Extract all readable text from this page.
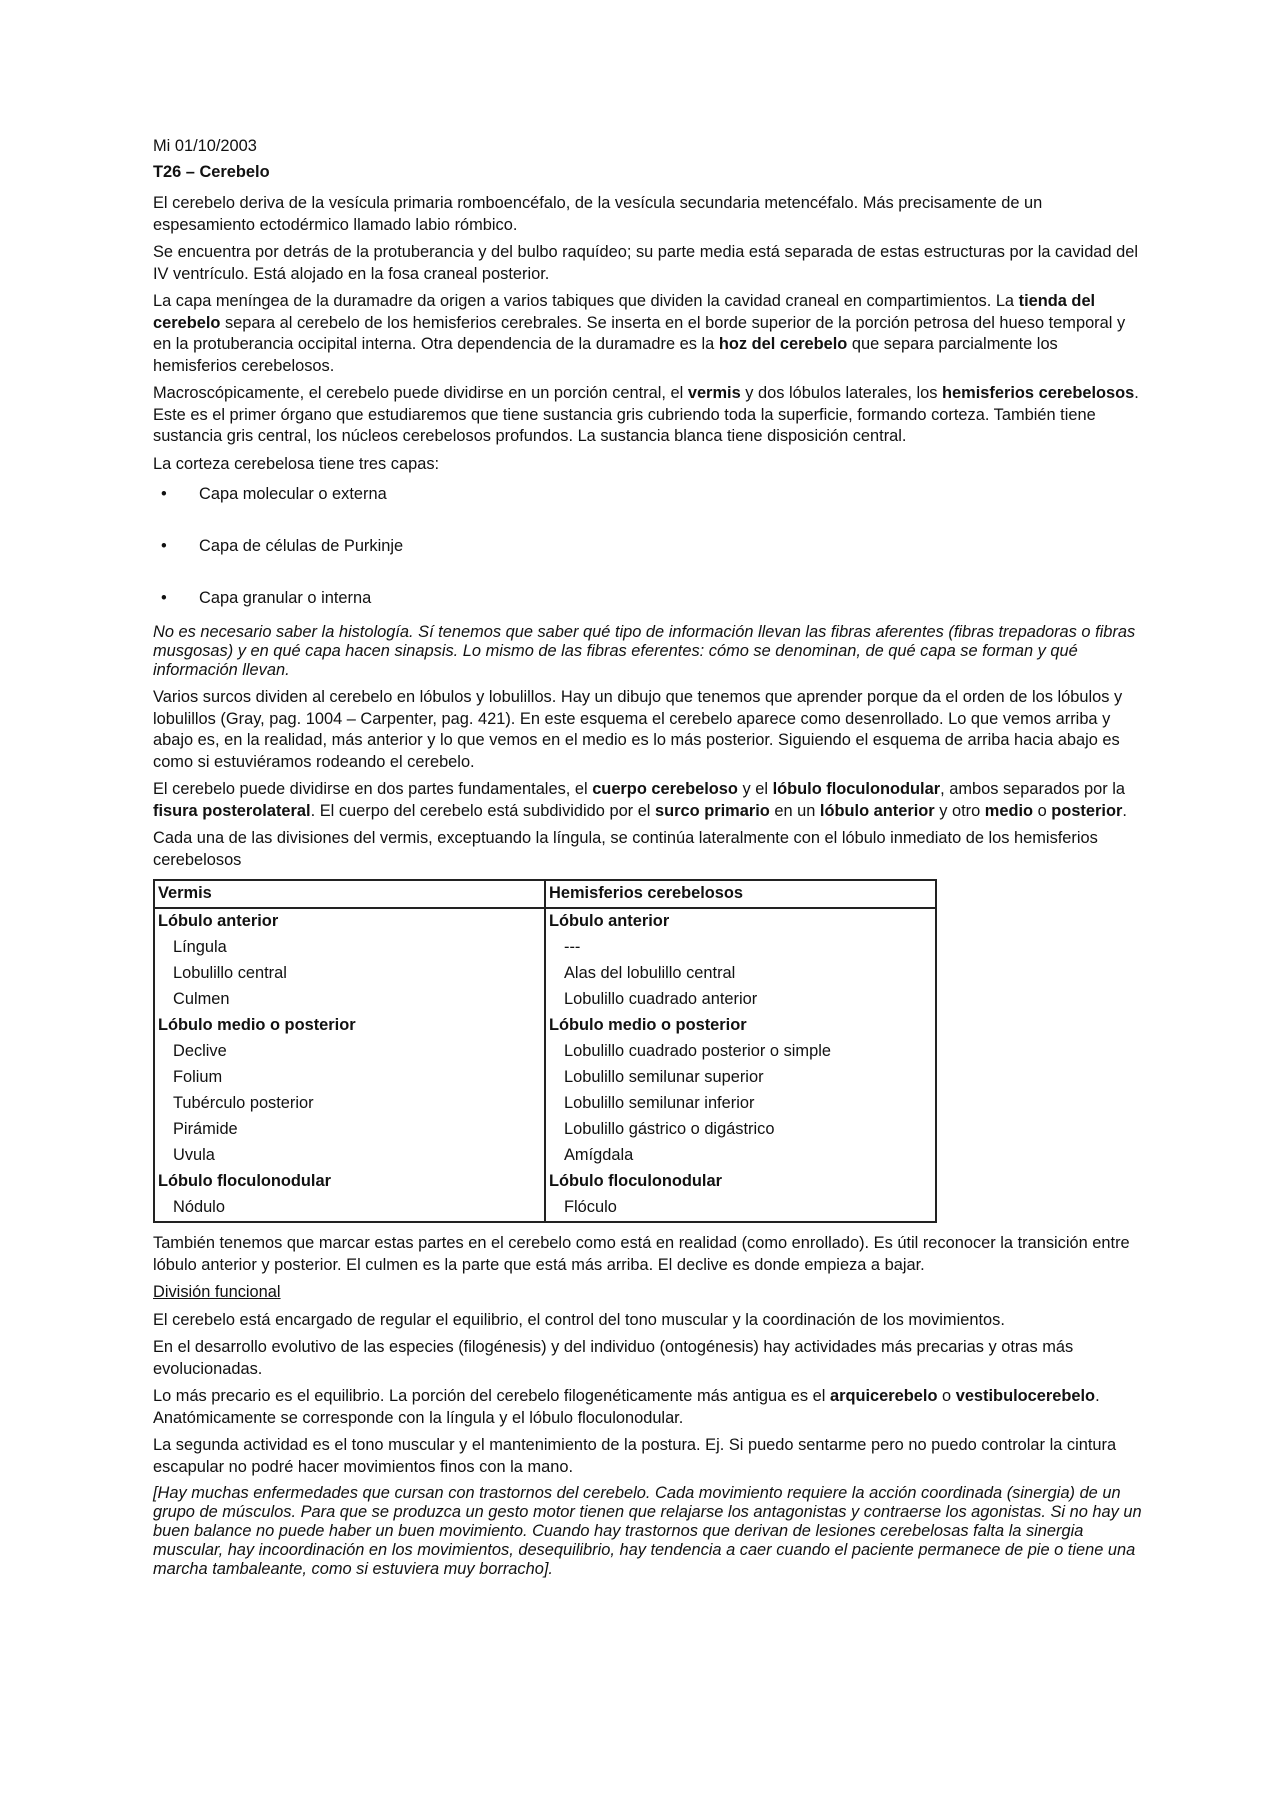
Mi 01/10/2003

T26 – Cerebelo

El cerebelo deriva de la vesícula primaria romboencéfalo, de la vesícula secundaria metencéfalo. Más precisamente de un espesamiento ectodérmico llamado labio rómbico.

Se encuentra por detrás de la protuberancia y del bulbo raquídeo; su parte media está separada de estas estructuras por la cavidad del IV ventrículo. Está alojado en la fosa craneal posterior.

La capa meníngea de la duramadre da origen a varios tabiques que dividen la cavidad craneal en compartimientos. La tienda del cerebelo separa al cerebelo de los hemisferios cerebrales. Se inserta en el borde superior de la porción petrosa del hueso temporal y en la protuberancia occipital interna. Otra dependencia de la duramadre es la hoz del cerebelo que separa parcialmente los hemisferios cerebelosos.

Macroscópicamente, el cerebelo puede dividirse en un porción central, el vermis y dos lóbulos laterales, los hemisferios cerebelosos. Este es el primer órgano que estudiaremos que tiene sustancia gris cubriendo toda la superficie, formando corteza. También tiene sustancia gris central, los núcleos cerebelosos profundos. La sustancia blanca tiene disposición central.

La corteza cerebelosa tiene tres capas:

• Capa molecular o externa
• Capa de células de Purkinje
• Capa granular o interna

No es necesario saber la histología. Sí tenemos que saber qué tipo de información llevan las fibras aferentes (fibras trepadoras o fibras musgosas) y en qué capa hacen sinapsis. Lo mismo de las fibras eferentes: cómo se denominan, de qué capa se forman y qué información llevan.

Varios surcos dividen al cerebelo en lóbulos y lobulillos. Hay un dibujo que tenemos que aprender porque da el orden de los lóbulos y lobulillos (Gray, pag. 1004 – Carpenter, pag. 421). En este esquema el cerebelo aparece como desenrollado. Lo que vemos arriba y abajo es, en la realidad, más anterior y lo que vemos en el medio es lo más posterior. Siguiendo el esquema de arriba hacia abajo es como si estuviéramos rodeando el cerebelo.

El cerebelo puede dividirse en dos partes fundamentales, el cuerpo cerebeloso y el lóbulo floculonodular, ambos separados por la fisura posterolateral. El cuerpo del cerebelo está subdividido por el surco primario en un lóbulo anterior y otro medio o posterior.

Cada una de las divisiones del vermis, exceptuando la língula, se continúa lateralmente con el lóbulo inmediato de los hemisferios cerebelosos

Vermis	Hemisferios cerebelosos
Lóbulo anterior	Lóbulo anterior
Língula	---
Lobulillo central	Alas del lobulillo central
Culmen	Lobulillo cuadrado anterior
Lóbulo medio o posterior	Lóbulo medio o posterior
Declive	Lobulillo cuadrado posterior o simple
Folium	Lobulillo semilunar superior
Tubérculo posterior	Lobulillo semilunar inferior
Pirámide	Lobulillo gástrico o digástrico
Uvula	Amígdala
Lóbulo floculonodular	Lóbulo floculonodular
Nódulo	Flóculo

También tenemos que marcar estas partes en el cerebelo como está en realidad (como enrollado). Es útil reconocer la transición entre lóbulo anterior y posterior. El culmen es la parte que está más arriba. El declive es donde empieza a bajar.

División funcional

El cerebelo está encargado de regular el equilibrio, el control del tono muscular y la coordinación de los movimientos.

En el desarrollo evolutivo de las especies (filogénesis) y del individuo (ontogénesis) hay actividades más precarias y otras más evolucionadas.

Lo más precario es el equilibrio. La porción del cerebelo filogenéticamente más antigua es el arquicerebelo o vestibulocerebelo. Anatómicamente se corresponde con la língula y el lóbulo floculonodular.

La segunda actividad es el tono muscular y el mantenimiento de la postura. Ej. Si puedo sentarme pero no puedo controlar la cintura escapular no podré hacer movimientos finos con la mano.

[Hay muchas enfermedades que cursan con trastornos del cerebelo. Cada movimiento requiere la acción coordinada (sinergia) de un grupo de músculos. Para que se produzca un gesto motor tienen que relajarse los antagonistas y contraerse los agonistas. Si no hay un buen balance no puede haber un buen movimiento. Cuando hay trastornos que derivan de lesiones cerebelosas falta la sinergia muscular, hay incoordinación en los movimientos, desequilibrio, hay tendencia a caer cuando el paciente permanece de pie o tiene una marcha tambaleante, como si estuviera muy borracho].
